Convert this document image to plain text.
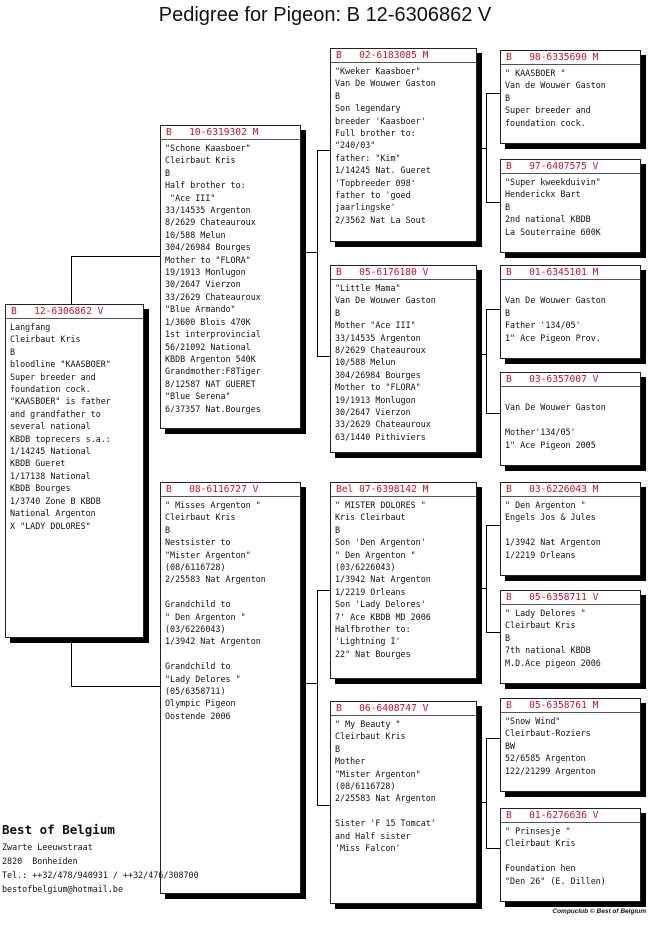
Pedigree for Pigeon: B 12-6306862 V
B   12-6306862 V
Langfang
Cleirbaut Kris
B
bloodline "KAASBOER"
Super breeder and
foundation cock.
"KAASBOER" is father
and grandfather to
several national
KBDB toprecers s.a.:
1/14245 National
KBDB Gueret
1/17138 National
KBDB Bourges
1/3740 Zone B KBDB
National Argenton
X "LADY DOLORES"
B   10-6319302 M
"Schone Kaasboer"
Cleirbaut Kris
B
Half brother to:
"Ace III"
33/14535 Argenton
8/2629 Chateauroux
10/588 Melun
304/26984 Bourges
Mother to "FLORA"
19/1913 Monlugon
30/2647 Vierzon
33/2629 Chateauroux
"Blue Armando"
1/3600 Blois 470K
1st interprovincial
56/21092 National
KBDB Argenton 540K
Grandmother:F8Tiger
8/12587 NAT GUERET
"Blue Serena"
6/37357 Nat.Bourges
B   08-6116727 V
" Misses Argenton "
Cleirbaut Kris
B
Nestsister to
"Mister Argenton"
(08/6116728)
2/25583 Nat Argenton
Grandchild to
" Den Argenton "
(03/6226043)
1/3942 Nat Argenton
Grandchild to
"Lady Delores "
(05/6358711)
Olympic Pigeon
Oostende 2006
B   02-6183085 M
"Kweker Kaasboer"
Van De Wouwer Gaston
B
Son legendary
breeder 'Kaasboer'
Full brother to:
"240/03"
father: "Kim"
1/14245 Nat. Gueret
'Topbreeder 098'
father to 'goed
jaarlingske'
2/3562 Nat La Sout
B   05-6176180 V
"Little Mama"
Van De Wouwer Gaston
B
Mother "Ace III"
33/14535 Argenton
8/2629 Chateauroux
10/588 Melun
304/26984 Bourges
Mother to "FLORA"
19/1913 Monlugon
30/2647 Vierzon
33/2629 Chateauroux
63/1440 Pithiviers
Bel 07-6398142 M
" MISTER DOLORES "
Kris Cleirbaut
B
Son 'Den Argenton'
" Den Argenton "
(03/6226043)
1/3942 Nat Argenton
1/2219 Orleans
Son 'Lady Delores'
7' Ace KBDB MD 2006
Halfbrother to:
'Lightning I'
22" Nat Bourges
B   06-6408747 V
" My Beauty "
Cleirbaut Kris
B
Mother
"Mister Argenton"
(08/6116728)
2/25583 Nat Argenton
Sister 'F 15 Tomcat'
and Half sister
'Miss Falcon'
B   98-6335690 M
" KAASBOER "
Van de Wouwer Gaston
B
Super breeder and
foundation cock.
B   97-6407575 V
"Super kweekduivin"
Henderickx Bart
B
2nd national KBDB
La Souterraine 600K
B   01-6345101 M
Van De Wouwer Gaston
B
Father '134/05'
1" Ace Pigeon Prov.
B   03-6357007 V
Van De Wouwer Gaston
Mother'134/05'
1" Ace Pigeon 2005
B   03-6226043 M
" Den Argenton "
Engels Jos & Jules
1/3942 Nat Argenton
1/2219 Orleans
B   05-6358711 V
" Lady Delores "
Cleirbaut Kris
B
7th national KBDB
M.D.Ace pigeon 2006
B   05-6358761 M
"Snow Wind"
Cleirbaut-Roziers
BW
52/6585 Argenton
122/21299 Argenton
B   01-6276636 V
" Prinsesje "
Cleirbaut Kris
Foundation hen
"Den 26" (E. Dillen)
Best of Belgium
Zwarte Leeuwstraat
2820  Bonheiden
Tel.: ++32/478/940931 / ++32/476/308700
bestofbelgium@hotmail.be
Compuclub © Best of Belgium
